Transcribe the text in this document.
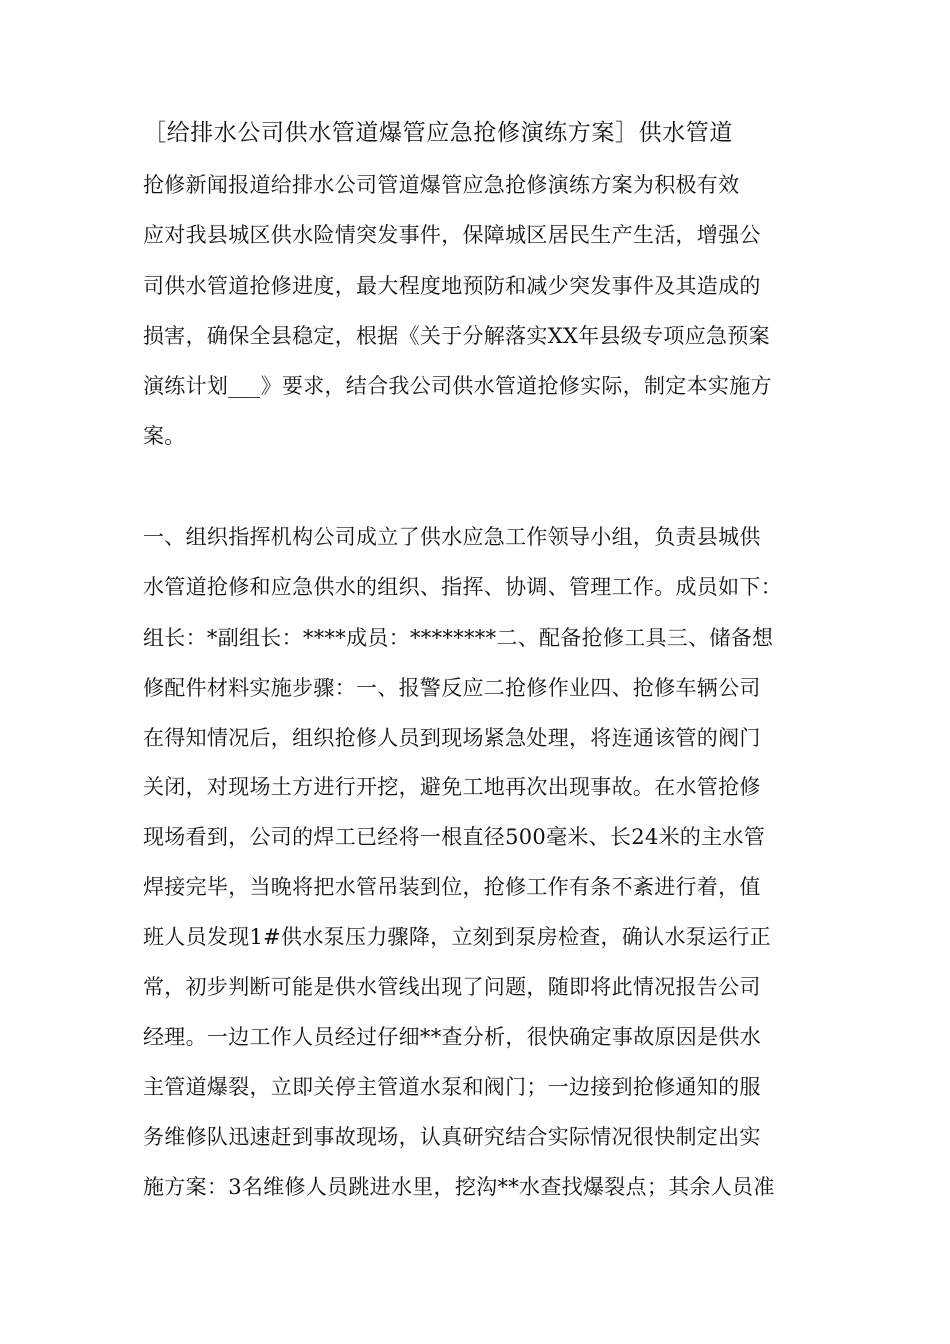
［给排水公司供水管道爆管应急抢修演练方案］供水管道
抢修新闻报道给排水公司管道爆管应急抢修演练方案为积极有效
应对我县城区供水险情突发事件，保障城区居民生产生活，增强公
司供水管道抢修进度，最大程度地预防和减少突发事件及其造成的
损害，确保全县稳定，根据《关于分解落实XX年县级专项应急预案
演练计划___》要求，结合我公司供水管道抢修实际，制定本实施方
案。
一、组织指挥机构公司成立了供水应急工作领导小组，负责县城供
水管道抢修和应急供水的组织、指挥、协调、管理工作。成员如下：
组长：*副组长：****成员：********二、配备抢修工具三、储备想
修配件材料实施步骤：一、报警反应二抢修作业四、抢修车辆公司
在得知情况后，组织抢修人员到现场紧急处理，将连通该管的阀门
关闭，对现场土方进行开挖，避免工地再次出现事故。在水管抢修
现场看到，公司的焊工已经将一根直径500毫米、长24米的主水管
焊接完毕，当晚将把水管吊装到位，抢修工作有条不紊进行着，值
班人员发现1#供水泵压力骤降，立刻到泵房检查，确认水泵运行正
常，初步判断可能是供水管线出现了问题，随即将此情况报告公司
经理。一边工作人员经过仔细**查分析，很快确定事故原因是供水
主管道爆裂，立即关停主管道水泵和阀门；一边接到抢修通知的服
务维修队迅速赶到事故现场，认真研究结合实际情况很快制定出实
施方案：3名维修人员跳进水里，挖沟**水查找爆裂点；其余人员准
